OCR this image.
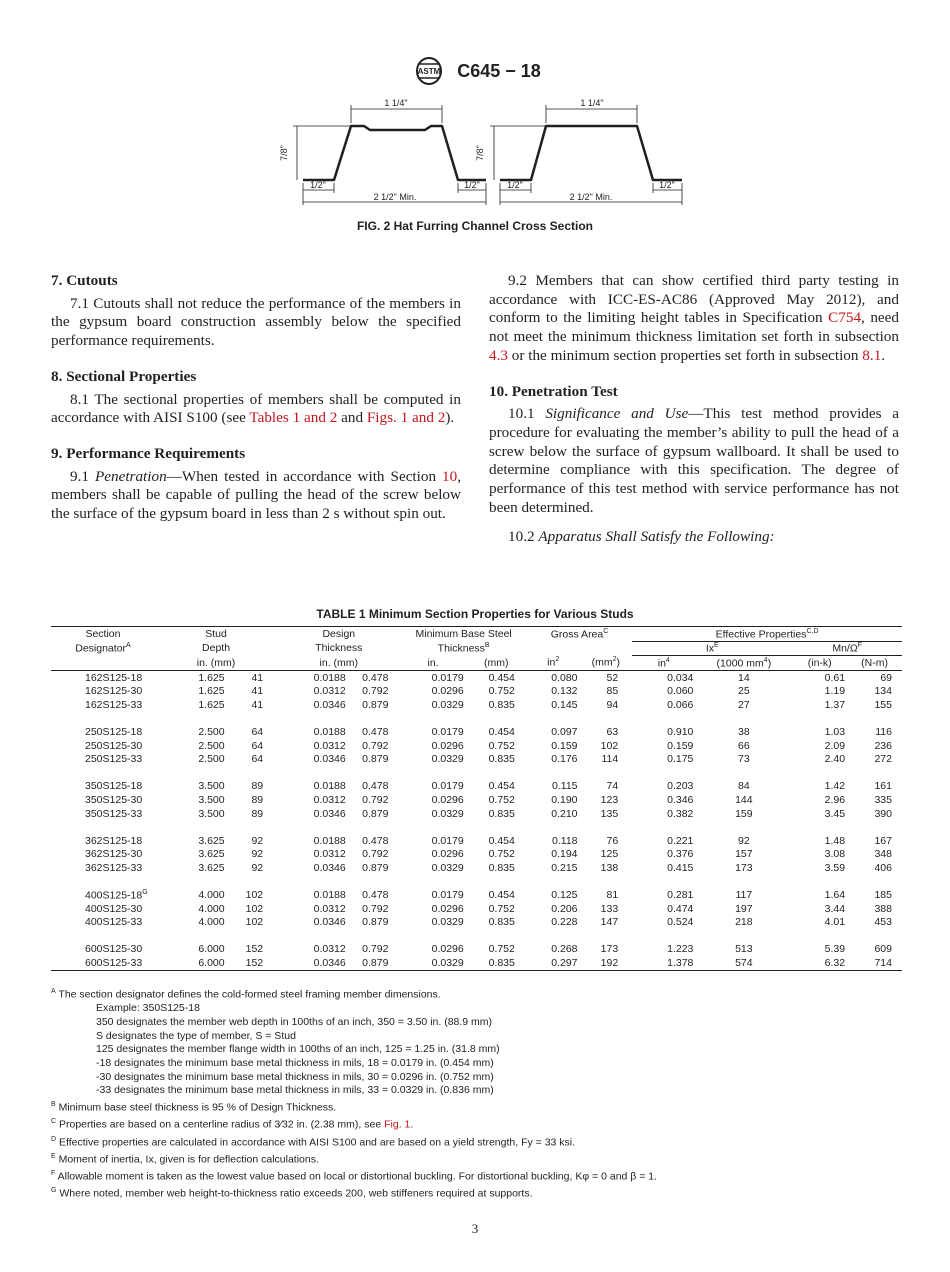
ASTM C645 − 18
1 1/4"	1 1/4"
7/8"	7/8"
1/2"	1/2"	1/2"	1/2"
2 1/2" Min.	2 1/2" Min.
FIG. 2 Hat Furring Channel Cross Section
7. Cutouts

7.1 Cutouts shall not reduce the performance of the members in the gypsum board construction assembly below the specified performance requirements.

8. Sectional Properties

8.1 The sectional properties of members shall be computed in accordance with AISI S100 (see Tables 1 and 2 and Figs. 1 and 2).

9. Performance Requirements

9.1 Penetration—When tested in accordance with Section 10, members shall be capable of pulling the head of the screw below the surface of the gypsum board in less than 2 s without spin out.

9.2 Members that can show certified third party testing in accordance with ICC-ES-AC86 (Approved May 2012), and conform to the limiting height tables in Specification C754, need not meet the minimum thickness limitation set forth in subsection 4.3 or the minimum section properties set forth in subsection 8.1.

10. Penetration Test

10.1 Significance and Use—This test method provides a procedure for evaluating the member’s ability to pull the head of a screw below the surface of gypsum wallboard. It shall be used to determine compliance with this specification. The degree of performance of this test method with service performance has not been determined.

10.2 Apparatus Shall Satisfy the Following:

TABLE 1 Minimum Section Properties for Various Studs
Section	Stud		Design		Minimum Base Steel		Gross Area$^C$		Effective Properties$^{C,D}$
Designator$^A$	Depth		Thickness		Thickness$^B$				$Ix^E$		$Mn/\Omega^F$
	in. (mm)		in. (mm)		in.	(mm)	$in^2$	$(mm^2)$	$in^4$	(1000 $mm^4$)	(in-k)	(N-m)
162S125-18	1.625	41	0.0188	0.478	0.0179	0.454	0.080	52	0.034	14	0.61	69
162S125-30	1.625	41	0.0312	0.792	0.0296	0.752	0.132	85	0.060	25	1.19	134
162S125-33	1.625	41	0.0346	0.879	0.0329	0.835	0.145	94	0.066	27	1.37	155

250S125-18	2.500	64	0.0188	0.478	0.0179	0.454	0.097	63	0.910	38	1.03	116
250S125-30	2.500	64	0.0312	0.792	0.0296	0.752	0.159	102	0.159	66	2.09	236
250S125-33	2.500	64	0.0346	0.879	0.0329	0.835	0.176	114	0.175	73	2.40	272

350S125-18	3.500	89	0.0188	0.478	0.0179	0.454	0.115	74	0.203	84	1.42	161
350S125-30	3.500	89	0.0312	0.792	0.0296	0.752	0.190	123	0.346	144	2.96	335
350S125-33	3.500	89	0.0346	0.879	0.0329	0.835	0.210	135	0.382	159	3.45	390

362S125-18	3.625	92	0.0188	0.478	0.0179	0.454	0.118	76	0.221	92	1.48	167
362S125-30	3.625	92	0.0312	0.792	0.0296	0.752	0.194	125	0.376	157	3.08	348
362S125-33	3.625	92	0.0346	0.879	0.0329	0.835	0.215	138	0.415	173	3.59	406

$400S125-18^G$	4.000	102	0.0188	0.478	0.0179	0.454	0.125	81	0.281	117	1.64	185
400S125-30	4.000	102	0.0312	0.792	0.0296	0.752	0.206	133	0.474	197	3.44	388
400S125-33	4.000	102	0.0346	0.879	0.0329	0.835	0.228	147	0.524	218	4.01	453

600S125-30	6.000	152	0.0312	0.792	0.0296	0.752	0.268	173	1.223	513	5.39	609
600S125-33	6.000	152	0.0346	0.879	0.0329	0.835	0.297	192	1.378	574	6.32	714
$^A$ The section designator defines the cold-formed steel framing member dimensions.
Example: 350S125-18
350 designates the member web depth in 100ths of an inch, 350 = 3.50 in. (88.9 mm)
S designates the type of member, S = Stud
125 designates the member flange width in 100ths of an inch, 125 = 1.25 in. (31.8 mm)
-18 designates the minimum base metal thickness in mils, 18 = 0.0179 in. (0.454 mm)
-30 designates the minimum base metal thickness in mils, 30 = 0.0296 in. (0.752 mm)
-33 designates the minimum base metal thickness in mils, 33 = 0.0329 in. (0.836 mm)
$^B$ Minimum base steel thickness is 95 % of Design Thickness.
$^C$ Properties are based on a centerline radius of 3⁄32 in. (2.38 mm), see Fig. 1.
$^D$ Effective properties are calculated in accordance with AISI S100 and are based on a yield strength, Fy = 33 ksi.
$^E$ Moment of inertia, Ix, given is for deflection calculations.
$^F$ Allowable moment is taken as the lowest value based on local or distortional buckling. For distortional buckling, Kφ = 0 and β = 1.
$^G$ Where noted, member web height-to-thickness ratio exceeds 200, web stiffeners required at supports.
3
